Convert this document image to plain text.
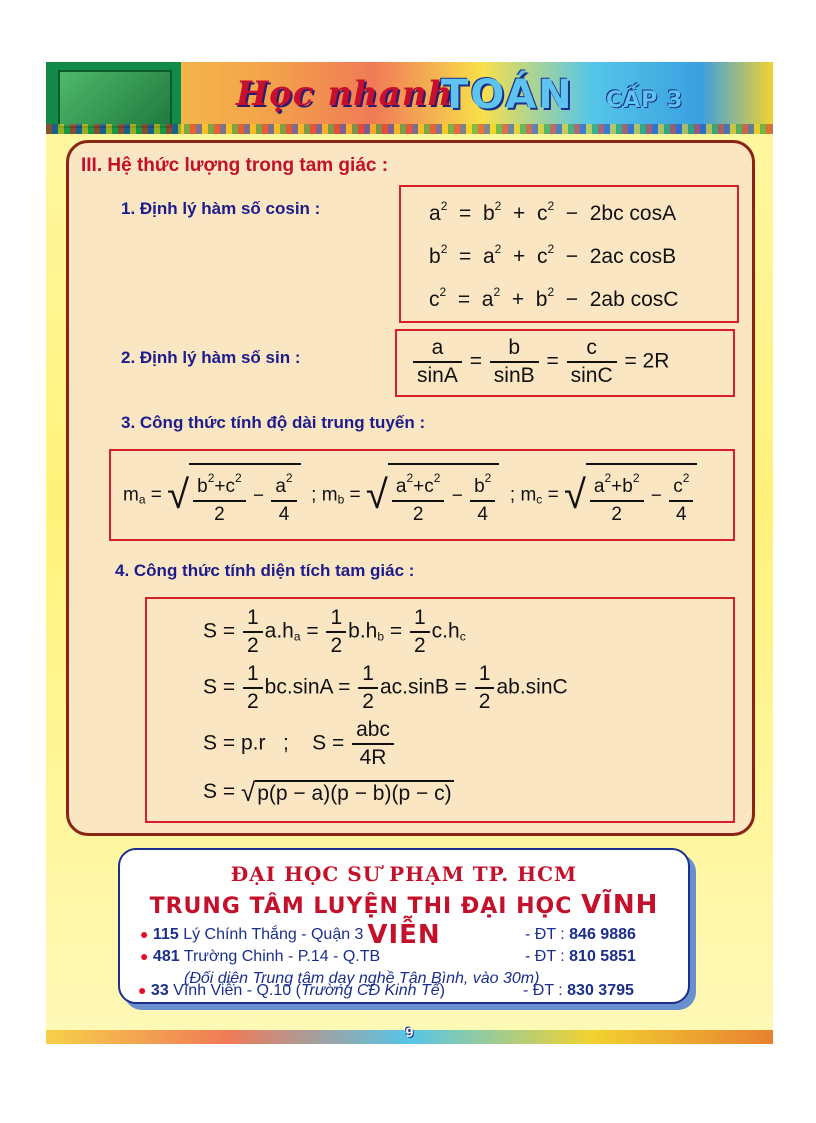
Học nhanh
TOÁN CẤP 3
III. Hệ thức lượng trong tam giác :
1. Định lý hàm số cosin :	$a^2 = b^2 + c^2 - 2bc$ cosA
$b^2 = a^2 + c^2 - 2ac$ cosB
$c^2 = a^2 + b^2 - 2ab$ cosC
2. Định lý hàm số sin :	$\frac{a}{\sin A} = \frac{b}{\sin B} = \frac{c}{\sin C} = 2R$
3. Công thức tính độ dài trung tuyến :
$m_a$ = √ $\frac{b^2+c^2}{2} - \frac{a^2}{4}$ ; $m_b$ = √ $\frac{a^2+c^2}{2} - \frac{b^2}{4}$ ; $m_c$ = √ $\frac{a^2+b^2}{2} - \frac{c^2}{4}$
4. Công thức tính diện tích tam giác :
$S = \frac{1}{2} a.h_a = \frac{1}{2} b.h_b = \frac{1}{2} c.h_c$
$S = \frac{1}{2} bc.\sin A = \frac{1}{2} ac.\sin B = \frac{1}{2} ab.\sin C$
S = p.r   ;    $S = \frac{\text{abc}}{4R}$
S = √p(p − a)(p − b)(p − c)
ĐẠI HỌC SƯ PHẠM TP. HCM
TRUNG TÂM LUYỆN THI ĐẠI HỌC VĨNH VIỄN
● 115 Lý Chính Thắng - Quận 3	- ĐT : 846 9886
● 481 Trường Chinh - P.14 - Q.TB	- ĐT : 810 5851
(Đối diện Trung tâm dạy nghề Tân Bình, vào 30m)
● 33 Vĩnh Viễn - Q.10 (Trường CĐ Kinh Tế)	- ĐT : 830 3795
9
